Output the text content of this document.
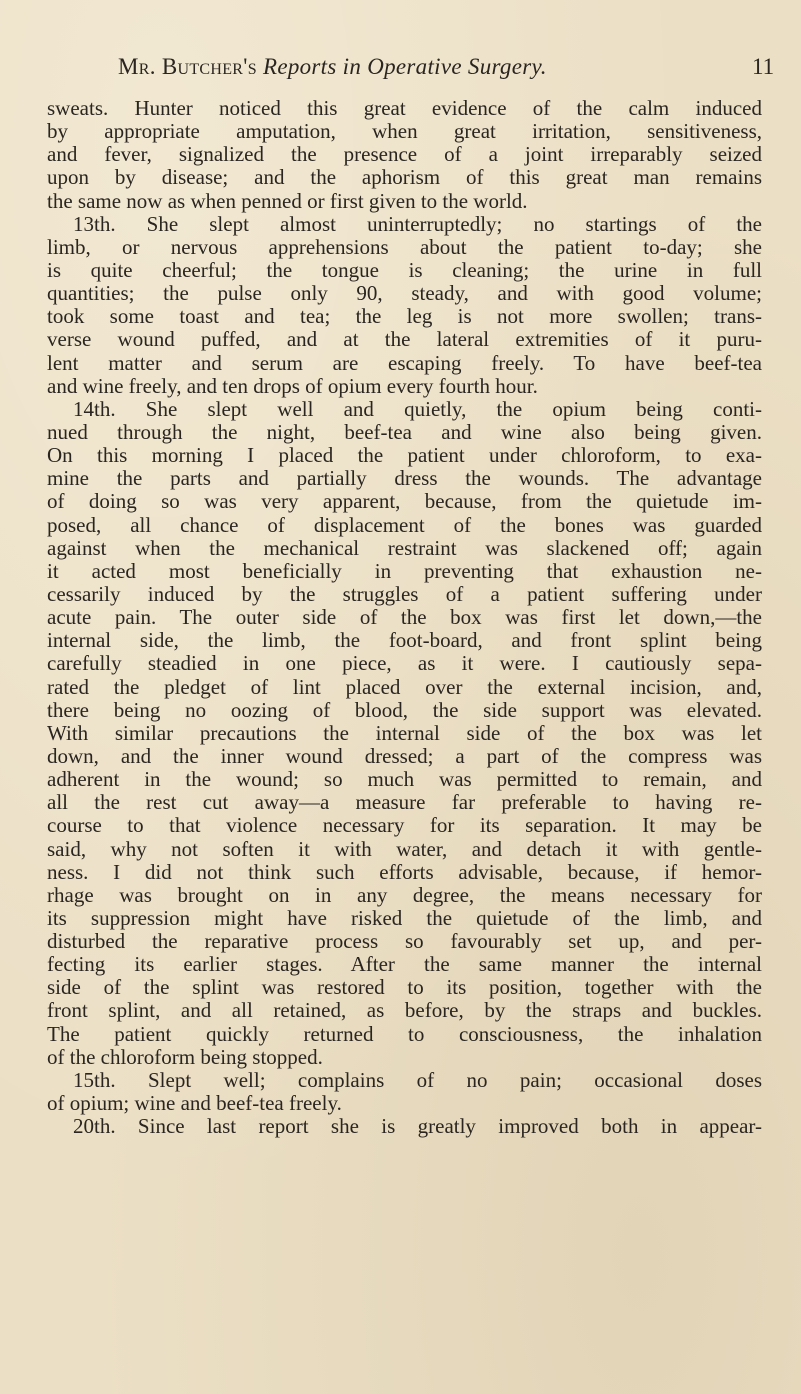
Mr. Butcher's Reports in Operative Surgery.	11
sweats. Hunter noticed this great evidence of the calm induced
by appropriate amputation, when great irritation, sensitiveness,
and fever, signalized the presence of a joint irreparably seized
upon by disease; and the aphorism of this great man remains
the same now as when penned or first given to the world.
13th. She slept almost uninterruptedly; no startings of the
limb, or nervous apprehensions about the patient to-day; she
is quite cheerful; the tongue is cleaning; the urine in full
quantities; the pulse only 90, steady, and with good volume;
took some toast and tea; the leg is not more swollen; trans-
verse wound puffed, and at the lateral extremities of it puru-
lent matter and serum are escaping freely. To have beef-tea
and wine freely, and ten drops of opium every fourth hour.
14th. She slept well and quietly, the opium being conti-
nued through the night, beef-tea and wine also being given.
On this morning I placed the patient under chloroform, to exa-
mine the parts and partially dress the wounds. The advantage
of doing so was very apparent, because, from the quietude im-
posed, all chance of displacement of the bones was guarded
against when the mechanical restraint was slackened off; again
it acted most beneficially in preventing that exhaustion ne-
cessarily induced by the struggles of a patient suffering under
acute pain. The outer side of the box was first let down,—the
internal side, the limb, the foot-board, and front splint being
carefully steadied in one piece, as it were. I cautiously sepa-
rated the pledget of lint placed over the external incision, and,
there being no oozing of blood, the side support was elevated.
With similar precautions the internal side of the box was let
down, and the inner wound dressed; a part of the compress was
adherent in the wound; so much was permitted to remain, and
all the rest cut away—a measure far preferable to having re-
course to that violence necessary for its separation. It may be
said, why not soften it with water, and detach it with gentle-
ness. I did not think such efforts advisable, because, if hemor-
rhage was brought on in any degree, the means necessary for
its suppression might have risked the quietude of the limb, and
disturbed the reparative process so favourably set up, and per-
fecting its earlier stages. After the same manner the internal
side of the splint was restored to its position, together with the
front splint, and all retained, as before, by the straps and buckles.
The patient quickly returned to consciousness, the inhalation
of the chloroform being stopped.
15th. Slept well; complains of no pain; occasional doses
of opium; wine and beef-tea freely.
20th. Since last report she is greatly improved both in appear-
